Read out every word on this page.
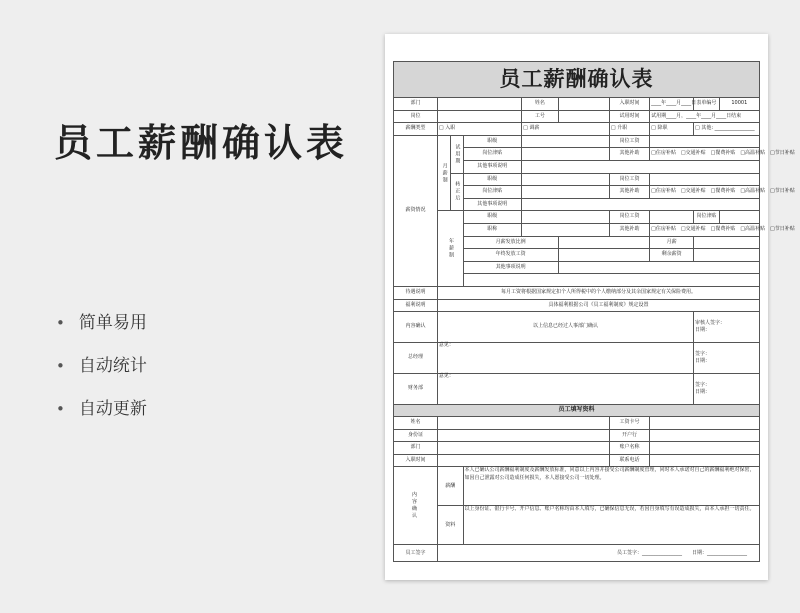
员工薪酬确认表
• 简单易用
• 自动统计
• 自动更新
员工薪酬确认表									
部门				姓名		入职时间	____年____月____日	表单编号	10001
岗位				工号		试用时间	试用期____月，____年____月____日结束		
薪酬类型	□ 入职			□ 调薪		□ 升职	□ 降职	□ 其他: ________________	
薪资情况	月薪制	试用期	职级			岗位工资			
			岗位津贴			其他补助	□住房补贴　□交通补贴　□餐费补贴　□高温补贴　□节日补贴		
			其他事项说明						
		转正后	职级			岗位工资			
			岗位津贴			其他补助	□住房补贴　□交通补贴　□餐费补贴　□高温补贴　□节日补贴		
			其他事项说明						
	年薪制		职级			岗位工资		岗位津贴	
			职称			其他补助	□住房补贴　□交通补贴　□餐费补贴　□高温补贴　□节日补贴		
			月薪发放比例				月薪		
			年终发放工资				剩余薪资		
			其他事项说明						

待遇说明	每月工资将根据国家规定扣个人所得税中的个人缴纳部分及其余国家规定有关保险费用。								
福利说明	具体福利根据公司《员工福利制度》规定设置								
内容确认	以上信息已经过人事部门确认							审核人签字：
日期：	
总经理	意见：							签字：
日期：	
财务部	意见：							签字：
日期：	
员工填写资料									
姓名						工资卡号			
身份证						开户行			
部门						账户名称			
入职时间						联系电话			
内容确认	薪酬		本人已确认公司薪酬福利制度及薪酬发放标准，同意以上内容并接受公司薪酬制度管理，同时本人承诺对自己的薪酬福利绝对保密，如因自己泄露对公司造成任何损失，本人愿接受公司一切处理。						
	资料		以上身份证、银行卡号、开户信息、账户名称均由本人填写，已确保信息无误，若因自身填写有误造成损失，由本人承担一切责任。						
员工签字	员工签字：________________　　日期：________________								
